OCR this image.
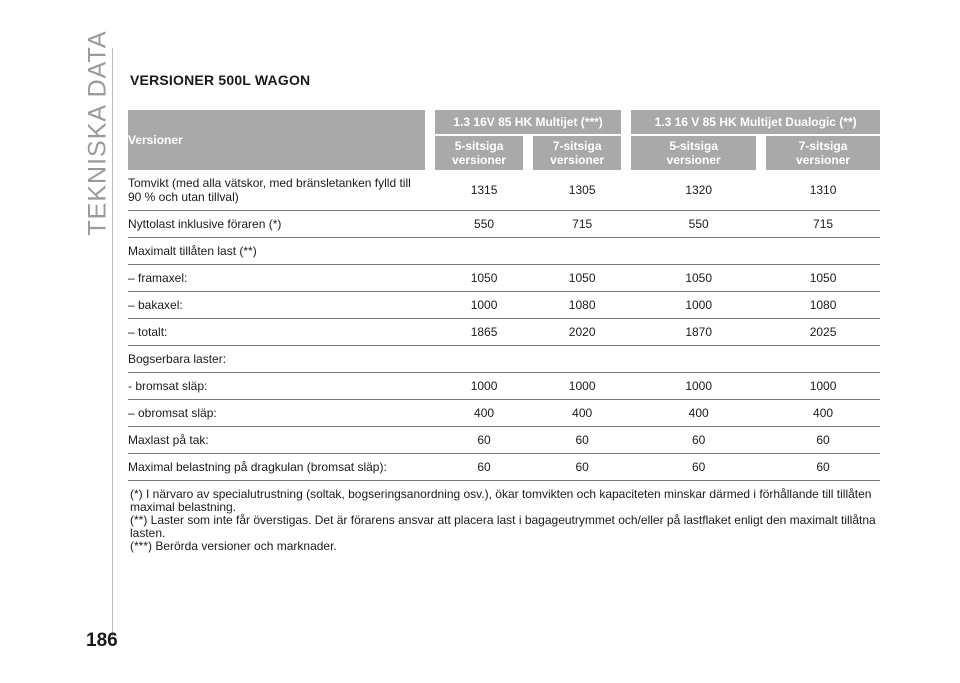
TEKNISKA DATA VERSIONER 500L WAGON
Versioner	1.3 16V 85 HK Multijet (***)		1.3 16 V 85 HK Multijet Dualogic (**)	
	5-sitsiga
versioner	7-sitsiga
versioner	5-sitsiga
versioner	7-sitsiga
versioner
Tomvikt (med alla vätskor, med bränsletanken fylld till
90 % och utan tillval)	1315	1305	1320	1310
Nyttolast inklusive föraren (*)	550	715	550	715
Maximalt tillåten last (**)				
– framaxel:	1050	1050	1050	1050
– bakaxel:	1000	1080	1000	1080
– totalt:	1865	2020	1870	2025
Bogserbara laster:				
- bromsat släp:	1000	1000	1000	1000
– obromsat släp:	400	400	400	400
Maxlast på tak:	60	60	60	60
Maximal belastning på dragkulan (bromsat släp):	60	60	60	60

(*) I närvaro av specialutrustning (soltak, bogseringsanordning osv.), ökar tomvikten och kapaciteten minskar därmed i förhållande till tillåten maximal belastning.

(**) Laster som inte får överstigas. Det är förarens ansvar att placera last i bagageutrymmet och/eller på lastflaket enligt den maximalt tillåtna lasten.

(***) Berörda versioner och marknader.

186
